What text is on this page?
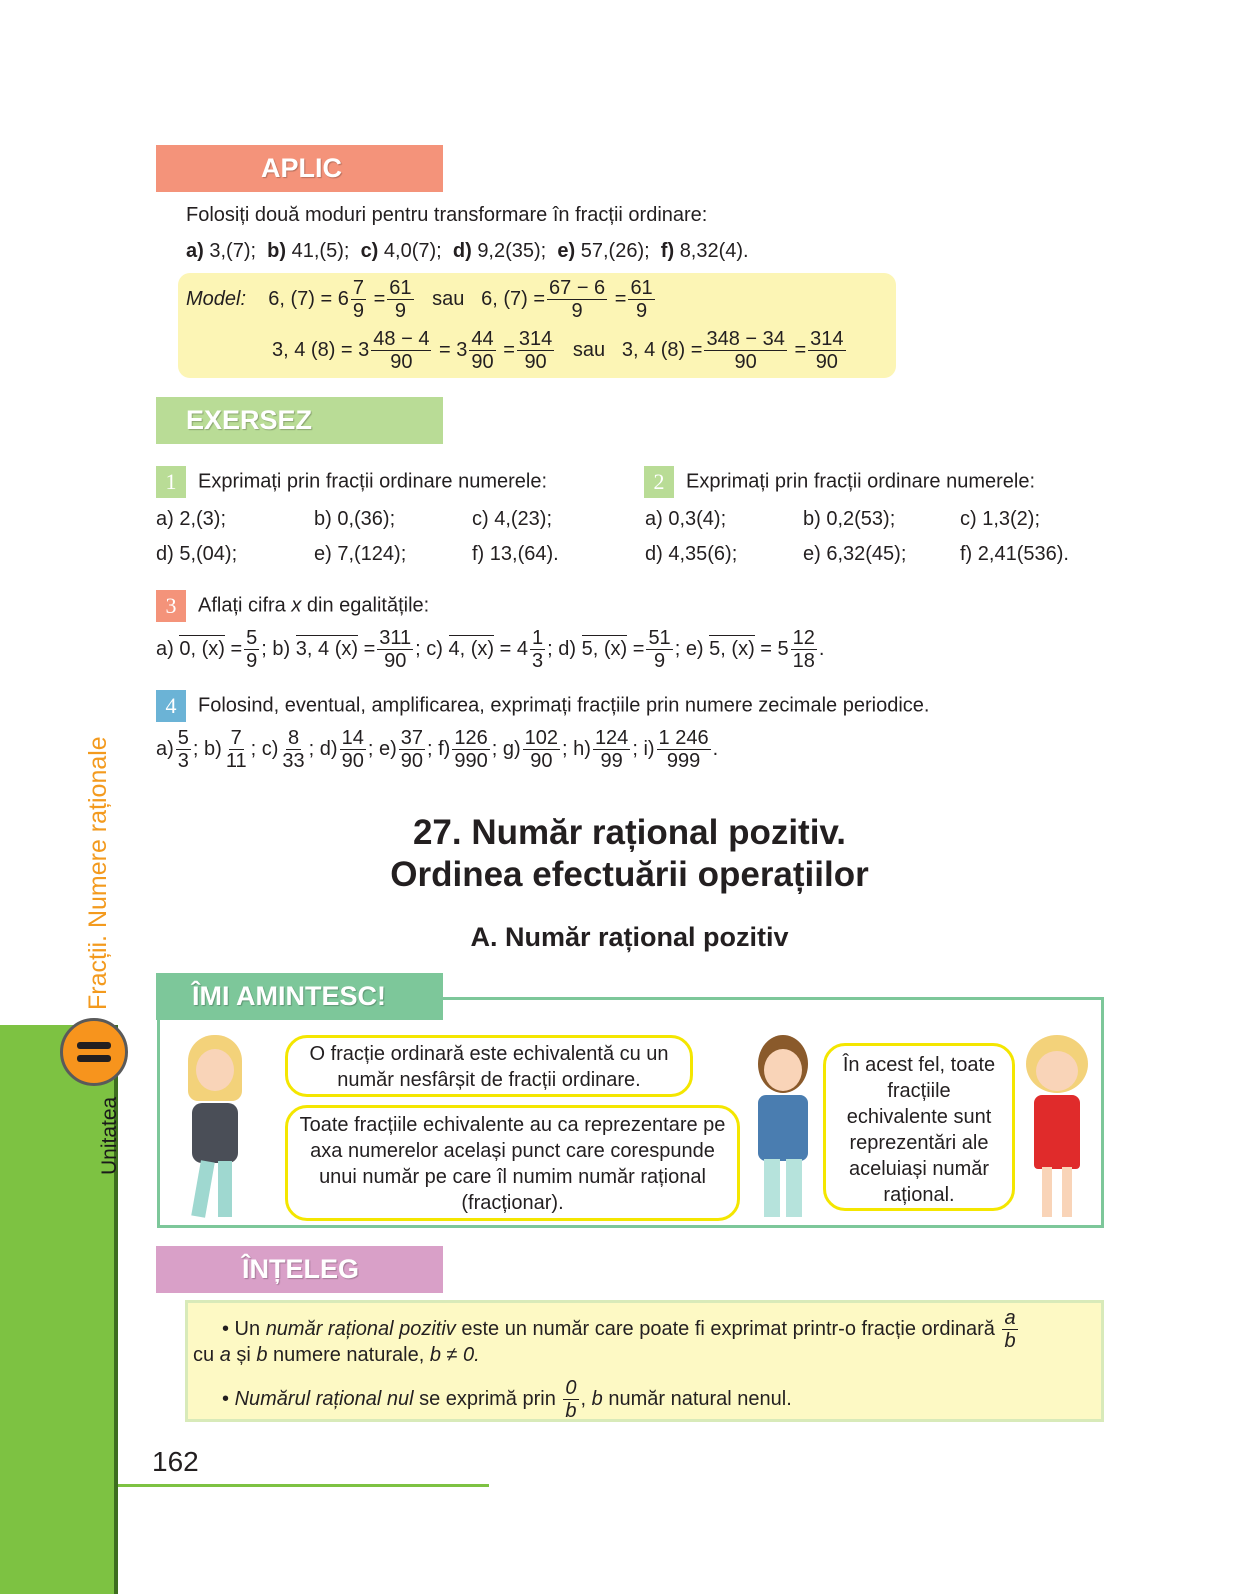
Unitatea
Fracții. Numere raționale
APLIC
Folosiți două moduri pentru transformare în fracții ordinare:
a) 3,(7); b) 41,(5); c) 4,0(7); d) 9,2(35); e) 57,(26); f) 8,32(4).
Model: 6, $(7) = 6 \frac{7}{9} = \frac{61}{9}$ sau 6, $(7) = \frac{67 - 6}{9} = \frac{61}{9}$
3, 4 $(8) = 3 \frac{48 - 4}{90} = 3 \frac{44}{90} = \frac{314}{90}$ sau 3, 4 $(8) = \frac{348 - 34}{90} = \frac{314}{90}$
EXERSEZ
1 Exprimați prin fracții ordinare numerele:
a) 2,(3);	b) 0,(36);	c) 4,(23);
d) 5,(04);	e) 7,(124);	f) 13,(64).
2 Exprimați prin fracții ordinare numerele:
a) 0,3(4);	b) 0,2(53);	c) 1,3(2);
d) 4,35(6);	e) 6,32(45);	f) 2,41(536).
3 Aflați cifra x din egalitățile:
a) 0, $(x) = \frac{5}{9}$ ; b) 3, 4 $(x) = \frac{311}{90}$ ; c) 4, $(x) = 4 \frac{1}{3}$ ; d) 5, $(x) = \frac{51}{9}$ ; e) 5, $(x) = 5 \frac{12}{18}$ .
4 Folosind, eventual, amplificarea, exprimați fracțiile prin numere zecimale periodice.
$a) \frac{5}{3}$ ; $b) \frac{7}{11}$ ; $c) \frac{8}{33}$ ; $d) \frac{14}{90}$ ; $e) \frac{37}{90}$ ; $f) \frac{126}{990}$ ; $g) \frac{102}{90}$ ; $h) \frac{124}{99}$ ; $i) \frac{1 246}{999}$ .
27. Număr rațional pozitiv.
Ordinea efectuării operațiilor
A. Număr rațional pozitiv
ÎMI AMINTESC!
O fracție ordinară este echivalentă cu un număr nesfârșit de fracții ordinare.
Toate fracțiile echivalente au ca reprezentare pe axa numerelor același punct care corespunde unui număr pe care îl numim număr rațional (fracționar).
În acest fel, toate fracțiile echivalente sunt reprezentări ale aceluiași număr rațional.
ÎNȚELEG
• Un număr rațional pozitiv este un număr care poate fi exprimat printr-o fracție ordinară $\frac{a}{b}$
cu a și b numere naturale, b ≠ 0.
• Numărul rațional nul se exprimă prin $\frac{0}{b}$ , b număr natural nenul.
162
